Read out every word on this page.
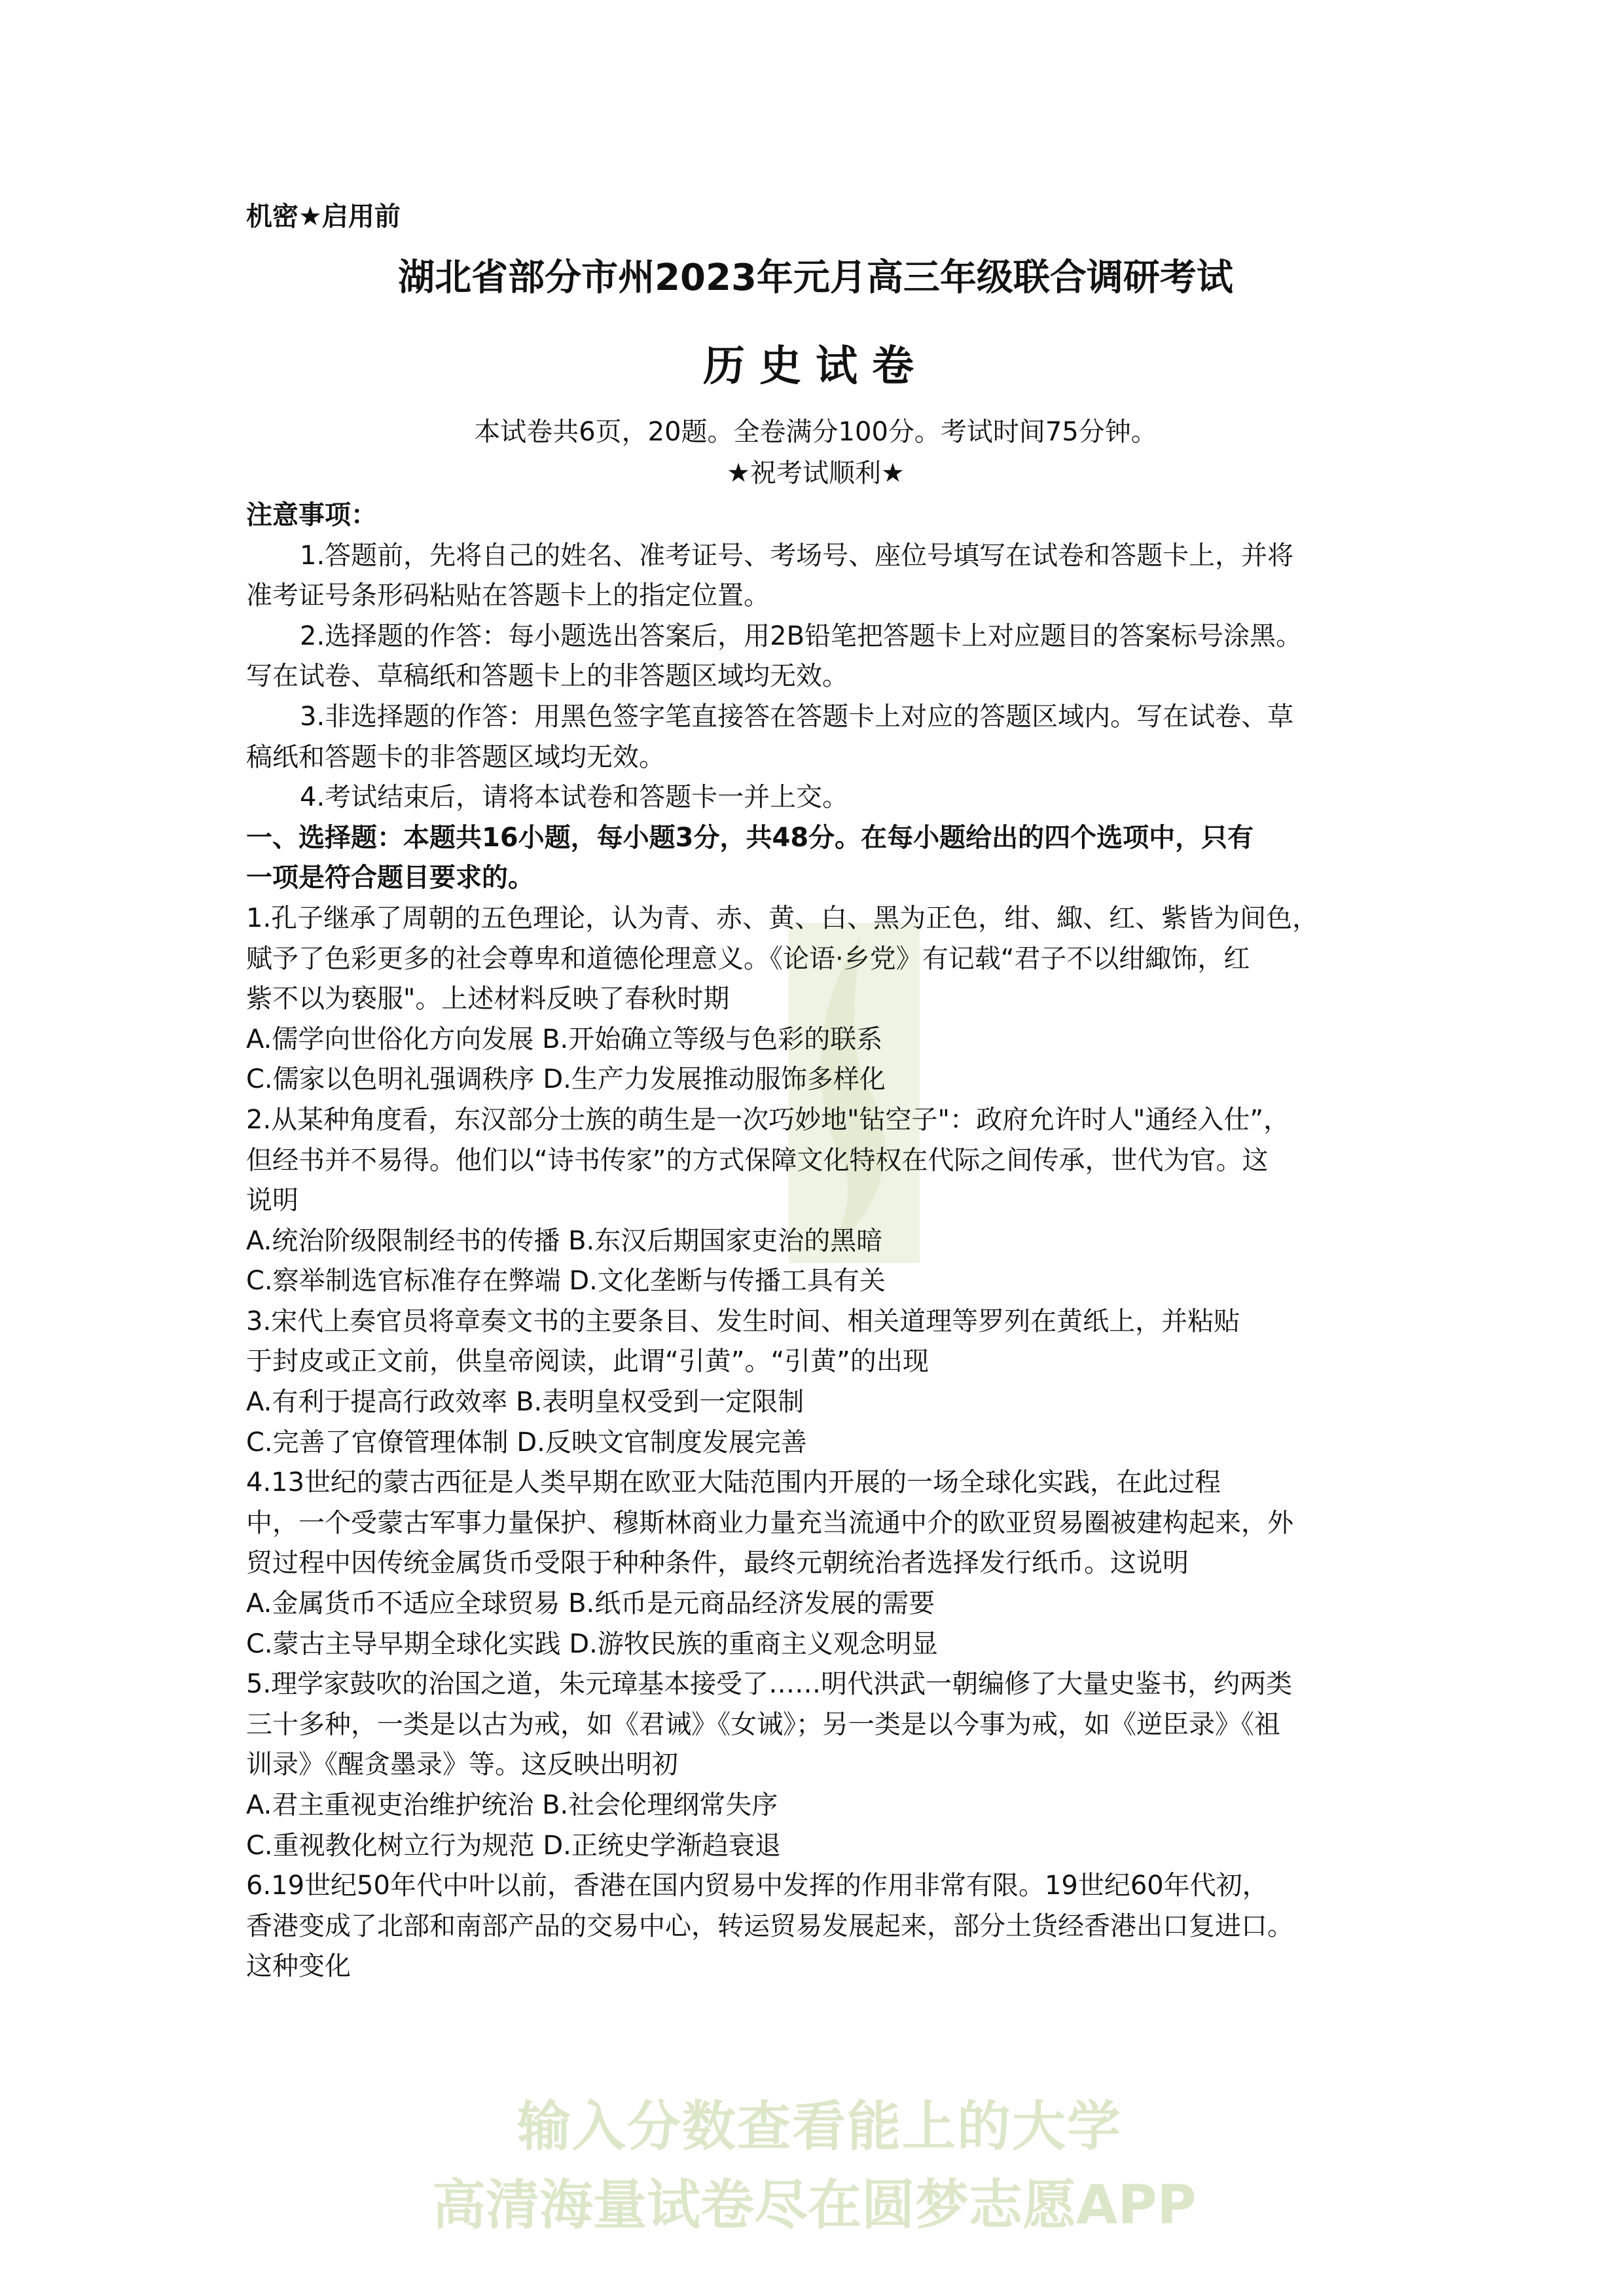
输入分数查看能上的大学
高清海量试卷尽在圆梦志愿APP
机密★启用前
湖北省部分市州2023年元月高三年级联合调研考试
历史试卷
本试卷共6页，20题。全卷满分100分。考试时间75分钟。
★祝考试顺利★
注意事项：
1.答题前，先将自己的姓名、准考证号、考场号、座位号填写在试卷和答题卡上，并将
准考证号条形码粘贴在答题卡上的指定位置。
2.选择题的作答：每小题选出答案后，用2B铅笔把答题卡上对应题目的答案标号涂黑。
写在试卷、草稿纸和答题卡上的非答题区域均无效。
3.非选择题的作答：用黑色签字笔直接答在答题卡上对应的答题区域内。写在试卷、草
稿纸和答题卡的非答题区域均无效。
4.考试结束后，请将本试卷和答题卡一并上交。
一、选择题：本题共16小题，每小题3分，共48分。在每小题给出的四个选项中，只有
一项是符合题目要求的。
1.孔子继承了周朝的五色理论，认为青、赤、黄、白、黑为正色，绀、緅、红、紫皆为间色，
赋予了色彩更多的社会尊卑和道德伦理意义。《论语·乡党》有记载“君子不以绀緅饰，红
紫不以为亵服"。上述材料反映了春秋时期
A.儒学向世俗化方向发展 B.开始确立等级与色彩的联系
C.儒家以色明礼强调秩序 D.生产力发展推动服饰多样化
2.从某种角度看，东汉部分士族的萌生是一次巧妙地"钻空子"：政府允许时人"通经入仕”，
但经书并不易得。他们以“诗书传家”的方式保障文化特权在代际之间传承，世代为官。这
说明
A.统治阶级限制经书的传播 B.东汉后期国家吏治的黑暗
C.察举制选官标准存在弊端 D.文化垄断与传播工具有关
3.宋代上奏官员将章奏文书的主要条目、发生时间、相关道理等罗列在黄纸上，并粘贴
于封皮或正文前，供皇帝阅读，此谓“引黄”。“引黄”的出现
A.有利于提高行政效率 B.表明皇权受到一定限制
C.完善了官僚管理体制 D.反映文官制度发展完善
4.13世纪的蒙古西征是人类早期在欧亚大陆范围内开展的一场全球化实践，在此过程
中，一个受蒙古军事力量保护、穆斯林商业力量充当流通中介的欧亚贸易圈被建构起来，外
贸过程中因传统金属货币受限于种种条件，最终元朝统治者选择发行纸币。这说明
A.金属货币不适应全球贸易 B.纸币是元商品经济发展的需要
C.蒙古主导早期全球化实践 D.游牧民族的重商主义观念明显
5.理学家鼓吹的治国之道，朱元璋基本接受了……明代洪武一朝编修了大量史鉴书，约两类
三十多种，一类是以古为戒，如《君诫》《女诫》；另一类是以今事为戒，如《逆臣录》《祖
训录》《醒贪墨录》等。这反映出明初
A.君主重视吏治维护统治 B.社会伦理纲常失序
C.重视教化树立行为规范 D.正统史学渐趋衰退
6.19世纪50年代中叶以前，香港在国内贸易中发挥的作用非常有限。19世纪60年代初，
香港变成了北部和南部产品的交易中心，转运贸易发展起来，部分土货经香港出口复进口。
这种变化
